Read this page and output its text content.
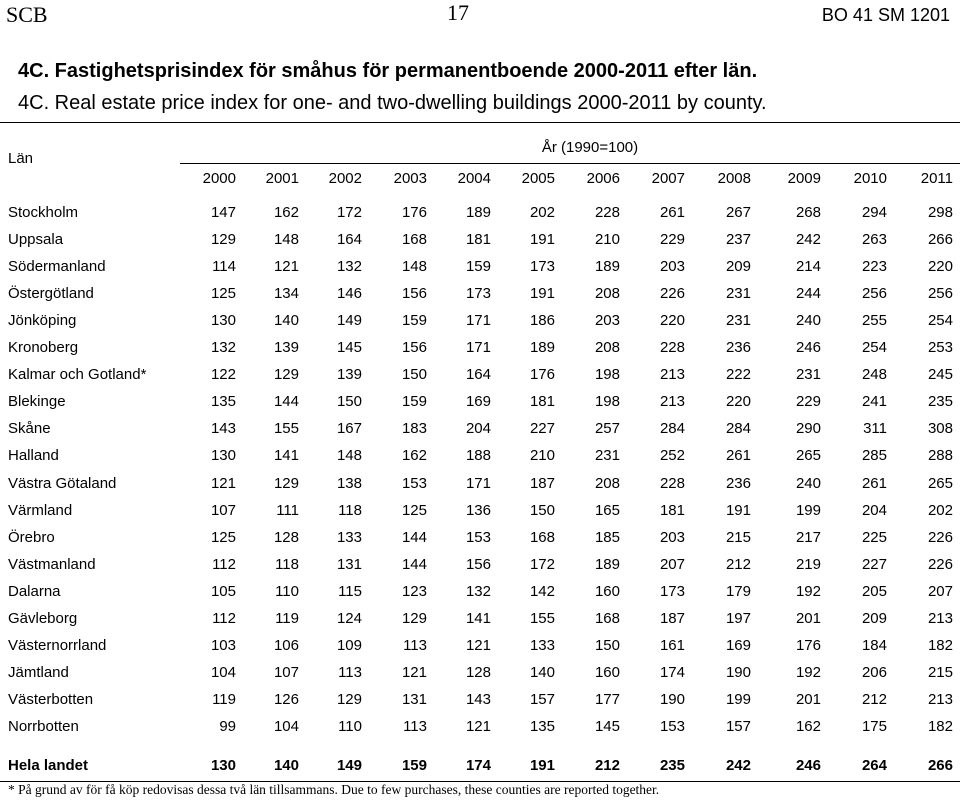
SCB	17	BO 41 SM 1201
4C. Fastighetsprisindex för småhus för permanentboende 2000-2011 efter län.
4C. Real estate price index for one- and two-dwelling buildings 2000-2011 by county.
Län
År (1990=100)
2000	2001	2002	2003	2004	2005	2006	2007	2008	2009	2010	2011
Stockholm	147	162	172	176	189	202	228	261	267	268	294	298
Uppsala	129	148	164	168	181	191	210	229	237	242	263	266
Södermanland	114	121	132	148	159	173	189	203	209	214	223	220
Östergötland	125	134	146	156	173	191	208	226	231	244	256	256
Jönköping	130	140	149	159	171	186	203	220	231	240	255	254
Kronoberg	132	139	145	156	171	189	208	228	236	246	254	253
Kalmar och Gotland*	122	129	139	150	164	176	198	213	222	231	248	245
Blekinge	135	144	150	159	169	181	198	213	220	229	241	235
Skåne	143	155	167	183	204	227	257	284	284	290	311	308
Halland	130	141	148	162	188	210	231	252	261	265	285	288
Västra Götaland	121	129	138	153	171	187	208	228	236	240	261	265
Värmland	107	111	118	125	136	150	165	181	191	199	204	202
Örebro	125	128	133	144	153	168	185	203	215	217	225	226
Västmanland	112	118	131	144	156	172	189	207	212	219	227	226
Dalarna	105	110	115	123	132	142	160	173	179	192	205	207
Gävleborg	112	119	124	129	141	155	168	187	197	201	209	213
Västernorrland	103	106	109	113	121	133	150	161	169	176	184	182
Jämtland	104	107	113	121	128	140	160	174	190	192	206	215
Västerbotten	119	126	129	131	143	157	177	190	199	201	212	213
Norrbotten	99	104	110	113	121	135	145	153	157	162	175	182
Hela landet	130	140	149	159	174	191	212	235	242	246	264	266
* På grund av för få köp redovisas dessa två län tillsammans. Due to few purchases, these counties are reported together.
